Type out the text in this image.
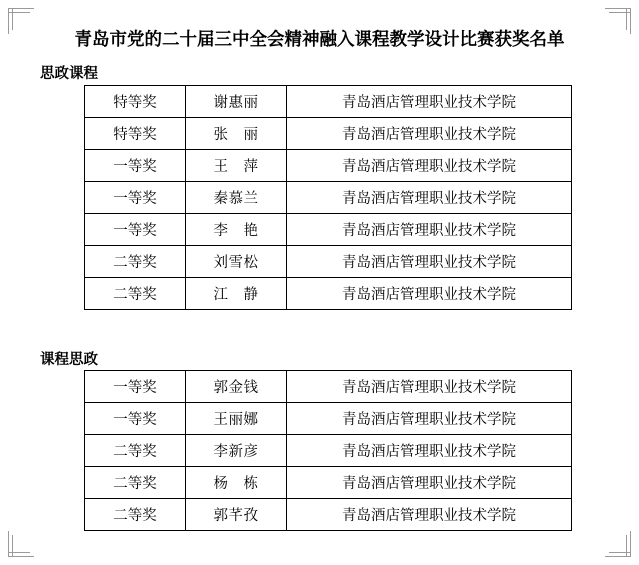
青岛市党的二十届三中全会精神融入课程教学设计比赛获奖名单
思政课程
特等奖	谢惠丽	青岛酒店管理职业技术学院
特等奖	张　丽	青岛酒店管理职业技术学院
一等奖	王　萍	青岛酒店管理职业技术学院
一等奖	秦慕兰	青岛酒店管理职业技术学院
一等奖	李　艳	青岛酒店管理职业技术学院
二等奖	刘雪松	青岛酒店管理职业技术学院
二等奖	江　静	青岛酒店管理职业技术学院
课程思政
一等奖	郭金钱	青岛酒店管理职业技术学院
一等奖	王丽娜	青岛酒店管理职业技术学院
二等奖	李新彦	青岛酒店管理职业技术学院
二等奖	杨　栋	青岛酒店管理职业技术学院
二等奖	郭芊孜	青岛酒店管理职业技术学院
